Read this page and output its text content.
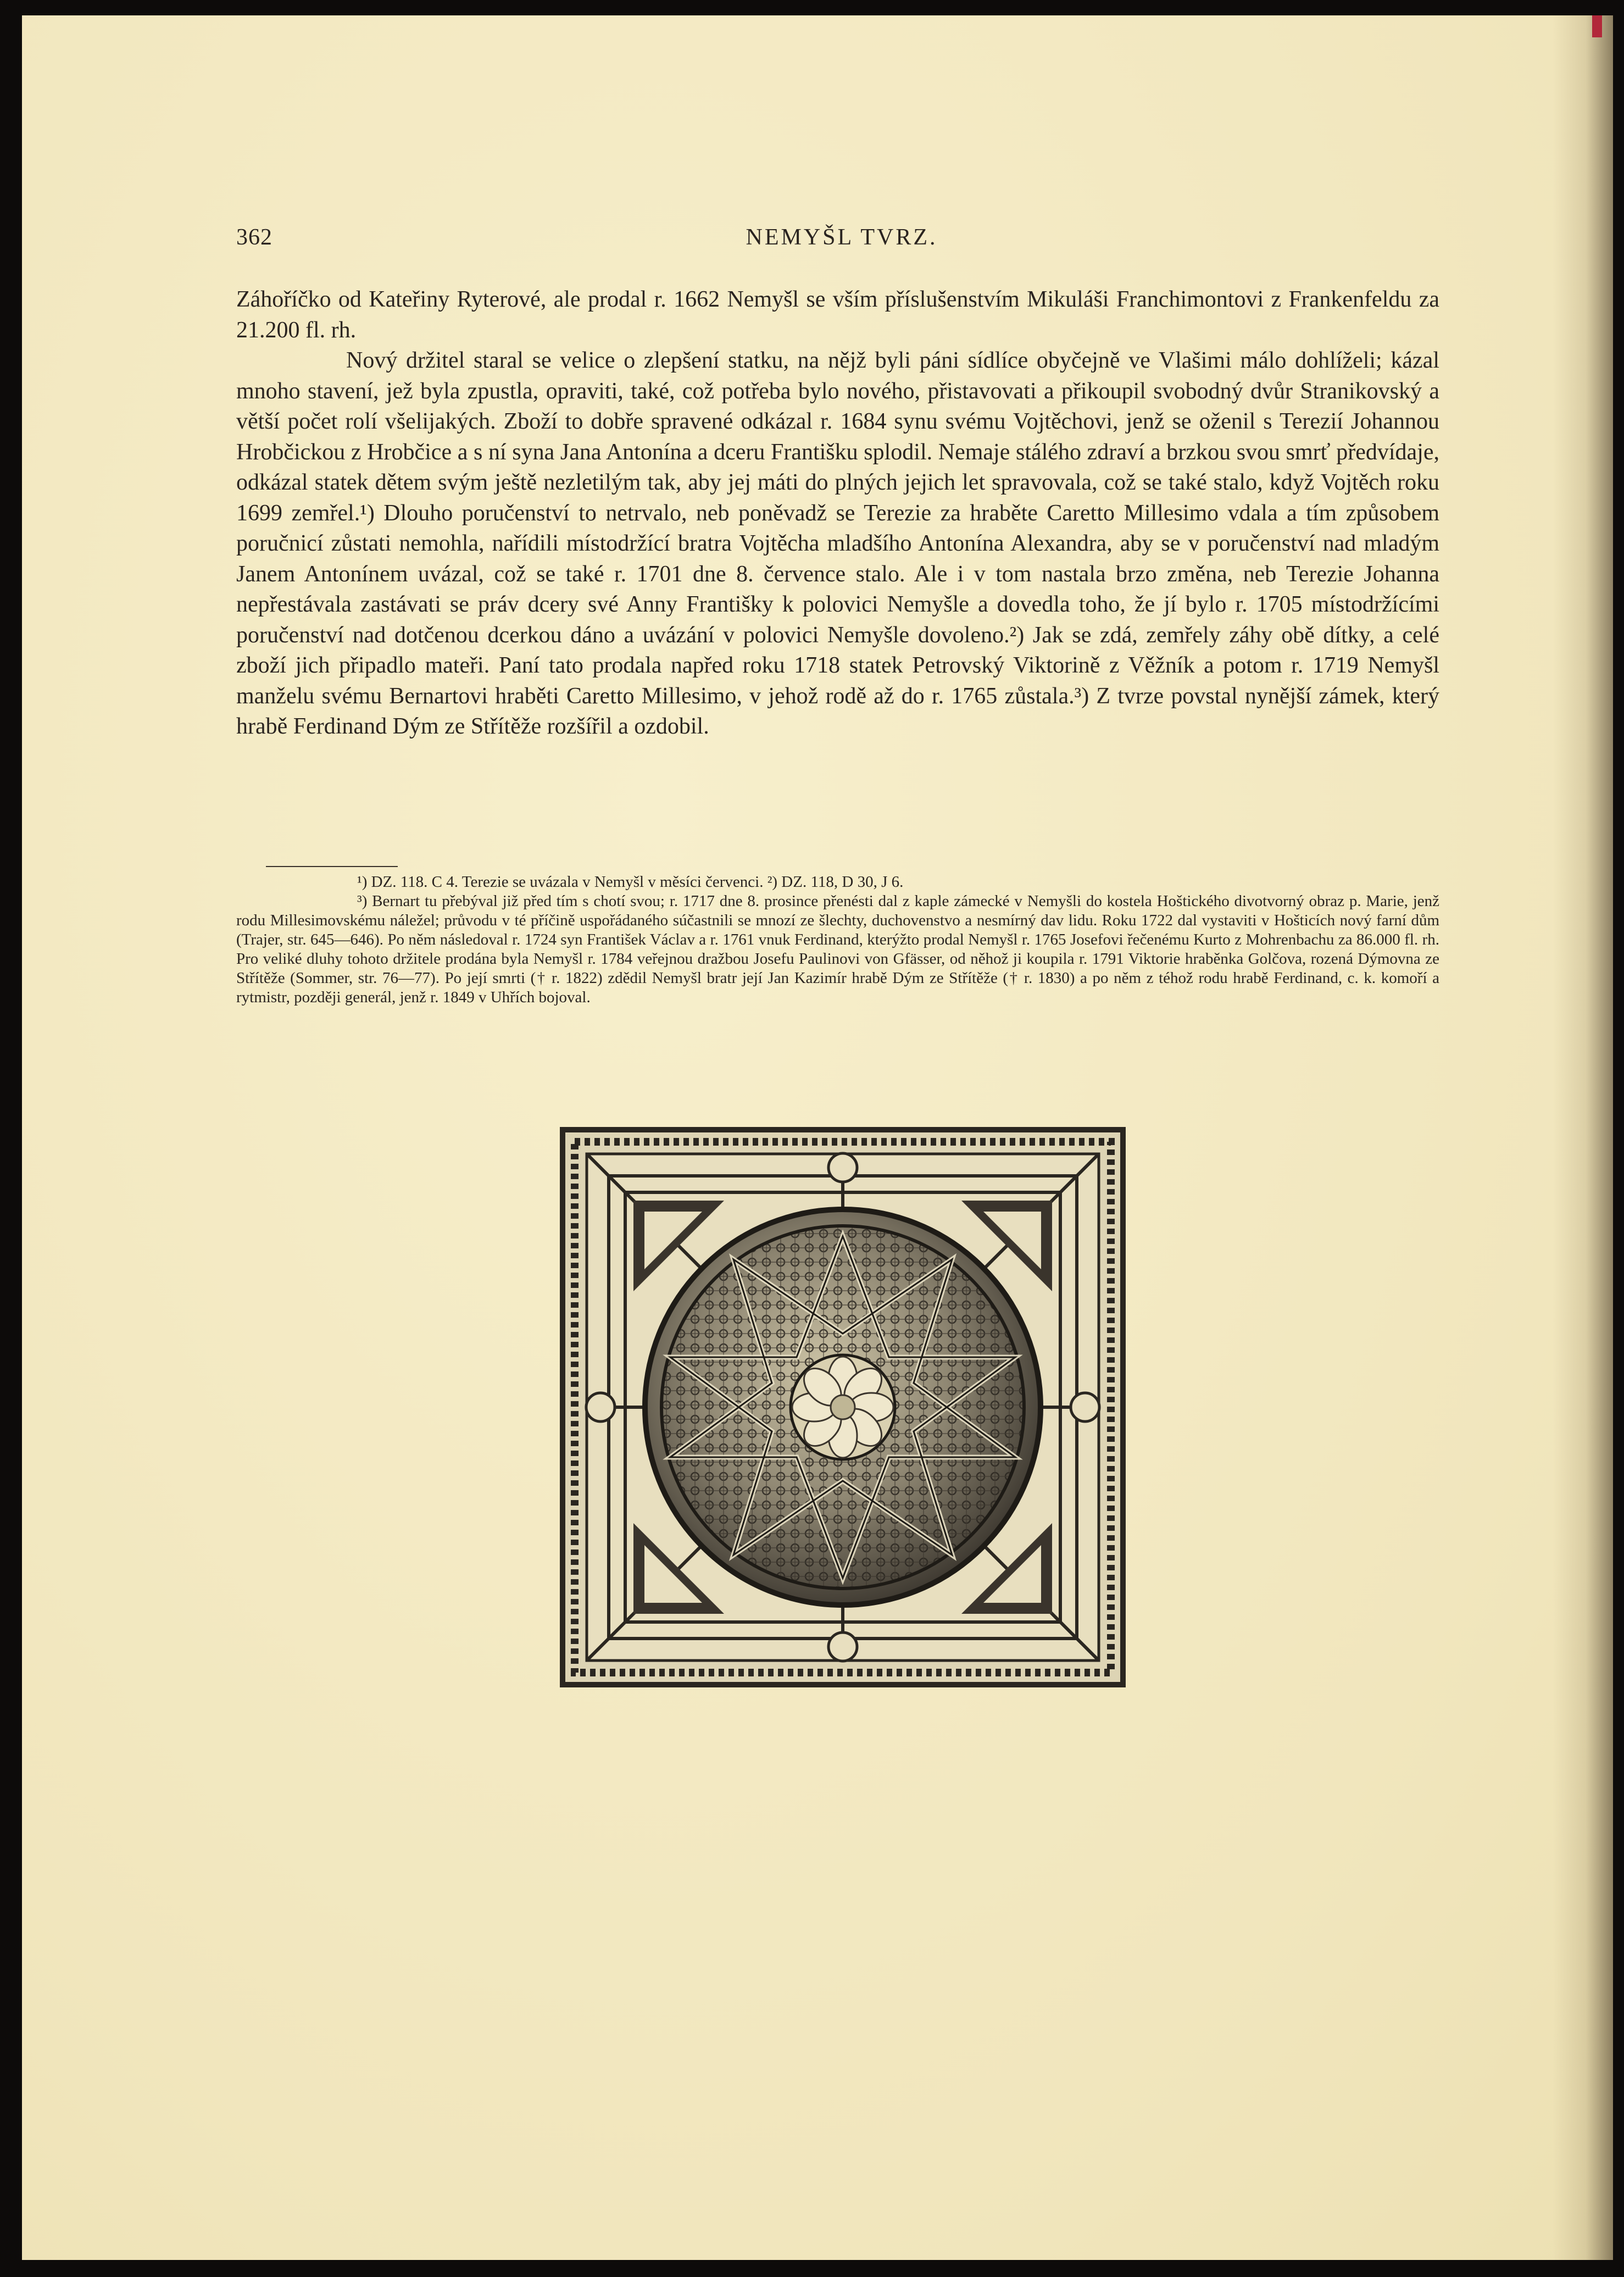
362	NEMYŠL TVRZ.

Záhoříčko od Kateřiny Ryterové, ale prodal r. 1662 Nemyšl se vším příslušenstvím Mikuláši Franchimontovi z Frankenfeldu za 21.200 fl. rh.

Nový držitel staral se velice o zlepšení statku, na nějž byli páni sídlíce obyčejně ve Vlašimi málo dohlíželi; kázal mnoho stavení, jež byla zpustla, opraviti, také, což potřeba bylo nového, přistavovati a přikoupil svobodný dvůr Stranikovský a větší počet rolí všelijakých. Zboží to dobře spravené odkázal r. 1684 synu svému Vojtěchovi, jenž se oženil s Terezií Johannou Hrobčickou z Hrobčice a s ní syna Jana Antonína a dceru Františku splodil. Nemaje stálého zdraví a brzkou svou smrť předvídaje, odkázal statek dětem svým ještě nezletilým tak, aby jej máti do plných jejich let spravovala, což se také stalo, když Vojtěch roku 1699 zemřel.¹) Dlouho poručenství to netrvalo, neb poněvadž se Terezie za hraběte Caretto Millesimo vdala a tím způsobem poručnicí zůstati nemohla, nařídili místodržící bratra Vojtěcha mladšího Antonína Alexandra, aby se v poručenství nad mladým Janem Antonínem uvázal, což se také r. 1701 dne 8. července stalo. Ale i v tom nastala brzo změna, neb Terezie Johanna nepřestávala zastávati se práv dcery své Anny Františky k polovici Nemyšle a dovedla toho, že jí bylo r. 1705 místodržícími poručenství nad dotčenou dcerkou dáno a uvázání v polovici Nemyšle dovoleno.²) Jak se zdá, zemřely záhy obě dítky, a celé zboží jich připadlo mateři. Paní tato prodala napřed roku 1718 statek Petrovský Viktorině z Věžník a potom r. 1719 Nemyšl manželu svému Bernartovi hraběti Caretto Millesimo, v jehož rodě až do r. 1765 zůstala.³) Z tvrze povstal nynější zámek, který hrabě Ferdinand Dým ze Střítěže rozšířil a ozdobil.

¹) DZ. 118. C 4. Terezie se uvázala v Nemyšl v měsíci červenci. ²) DZ. 118, D 30, J 6.

³) Bernart tu přebýval již před tím s chotí svou; r. 1717 dne 8. prosince přenésti dal z kaple zámecké v Nemyšli do kostela Hoštického divotvorný obraz p. Marie, jenž rodu Millesimovskému náležel; průvodu v té příčině uspořádaného súčastnili se mnozí ze šlechty, duchovenstvo a nesmírný dav lidu. Roku 1722 dal vystaviti v Hošticích nový farní dům (Trajer, str. 645—646). Po něm následoval r. 1724 syn František Václav a r. 1761 vnuk Ferdinand, kterýžto prodal Nemyšl r. 1765 Josefovi řečenému Kurto z Mohrenbachu za 86.000 fl. rh. Pro veliké dluhy tohoto držitele prodána byla Nemyšl r. 1784 veřejnou dražbou Josefu Paulinovi von Gfässer, od něhož ji koupila r. 1791 Viktorie hraběnka Golčova, rozená Dýmovna ze Střítěže (Sommer, str. 76—77). Po její smrti († r. 1822) zdědil Nemyšl bratr její Jan Kazimír hrabě Dým ze Střítěže († r. 1830) a po něm z téhož rodu hrabě Ferdinand, c. k. komoří a rytmistr, později generál, jenž r. 1849 v Uhřích bojoval.
